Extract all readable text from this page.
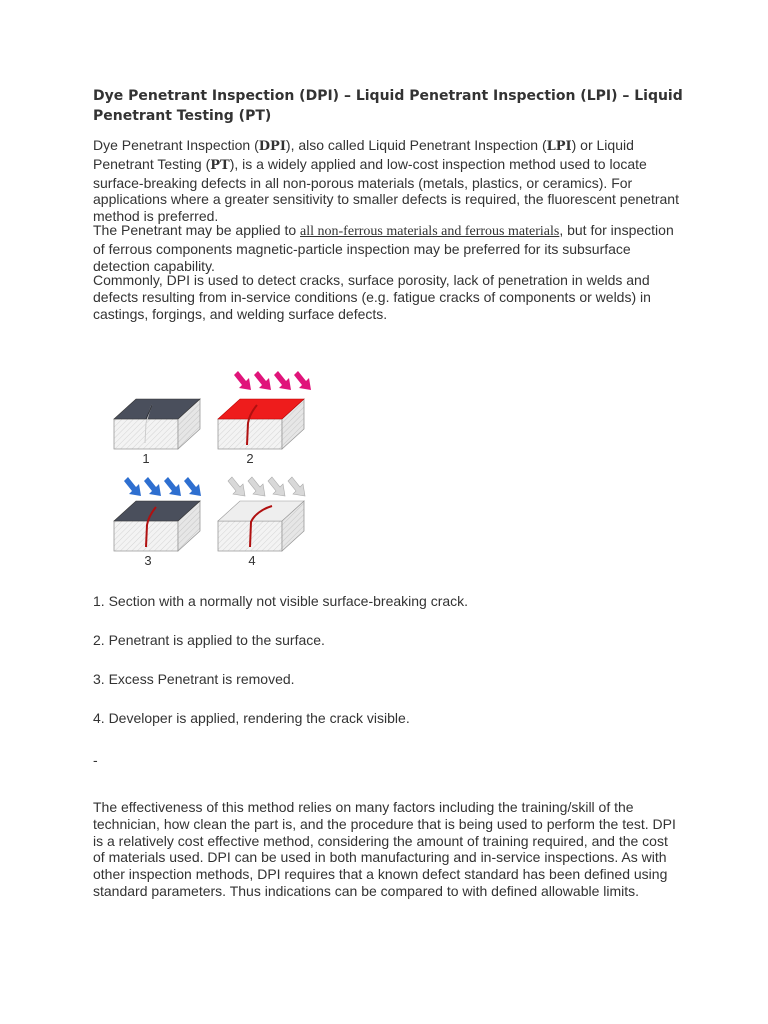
Dye Penetrant Inspection (DPI) – Liquid Penetrant Inspection (LPI) – Liquid Penetrant Testing (PT)

Dye Penetrant Inspection (DPI), also called Liquid Penetrant Inspection (LPI) or Liquid Penetrant Testing (PT), is a widely applied and low-cost inspection method used to locate surface-breaking defects in all non-porous materials (metals, plastics, or ceramics). For applications where a greater sensitivity to smaller defects is required, the fluorescent penetrant method is preferred.

The Penetrant may be applied to all non-ferrous materials and ferrous materials, but for inspection of ferrous components magnetic-particle inspection may be preferred for its subsurface detection capability.

Commonly, DPI is used to detect cracks, surface porosity, lack of penetration in welds and defects resulting from in-service conditions (e.g. fatigue cracks of components or welds) in castings, forgings, and welding surface defects.

1	2
3	4

1. Section with a normally not visible surface-breaking crack.

2. Penetrant is applied to the surface.

3. Excess Penetrant is removed.

4. Developer is applied, rendering the crack visible.

-

The effectiveness of this method relies on many factors including the training/skill of the technician, how clean the part is, and the procedure that is being used to perform the test. DPI is a relatively cost effective method, considering the amount of training required, and the cost of materials used. DPI can be used in both manufacturing and in-service inspections. As with other inspection methods, DPI requires that a known defect standard has been defined using standard parameters. Thus indications can be compared to with defined allowable limits.
